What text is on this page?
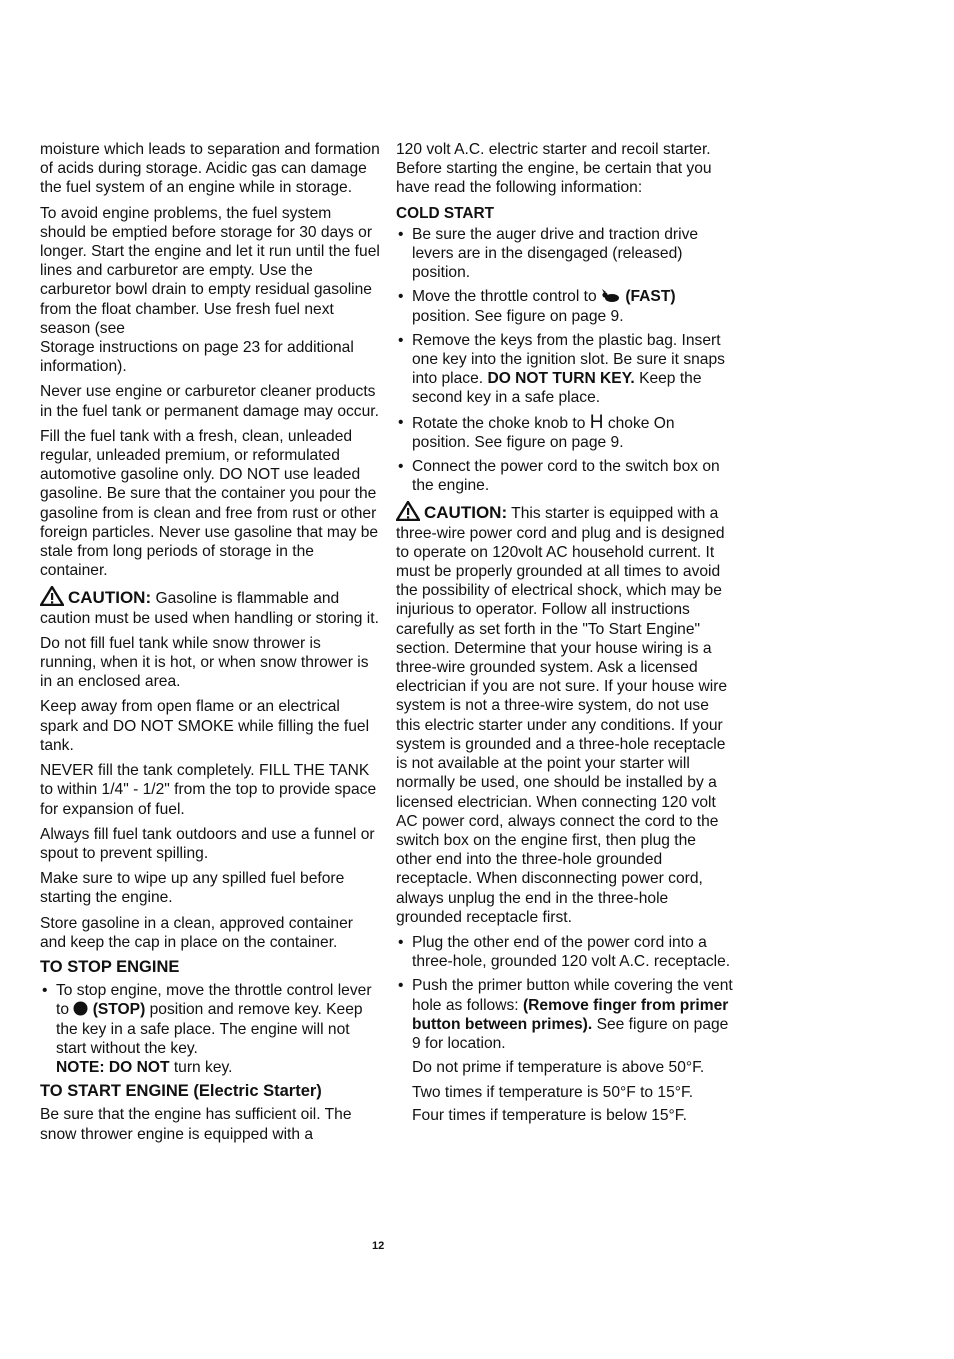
moisture which leads to separation and formation of acids during storage. Acidic gas can damage the fuel system of an engine while in storage.

To avoid engine problems, the fuel system should be emptied before storage for 30 days or longer. Start the engine and let it run until the fuel lines and carburetor are empty. Use the carburetor bowl drain to empty residual gasoline from the float chamber. Use fresh fuel next season (see
Storage instructions on page 23 for additional information).

Never use engine or carburetor cleaner products in the fuel tank or permanent damage may occur.

Fill the fuel tank with a fresh, clean, unleaded regular, unleaded premium, or reformulated automotive gasoline only. DO NOT use leaded gasoline. Be sure that the container you pour the gasoline from is clean and free from rust or other foreign particles. Never use gasoline that may be stale from long periods of storage in the container.

CAUTION: Gasoline is flammable and caution must be used when handling or storing it.

Do not fill fuel tank while snow thrower is running, when it is hot, or when snow thrower is in an enclosed area.

Keep away from open flame or an electrical spark and DO NOT SMOKE while filling the fuel tank.

NEVER fill the tank completely. FILL THE TANK to within 1/4" - 1/2" from the top to provide space for expansion of fuel.

Always fill fuel tank outdoors and use a funnel or spout to prevent spilling.

Make sure to wipe up any spilled fuel before starting the engine.

Store gasoline in a clean, approved container and keep the cap in place on the container.

TO STOP ENGINE
• To stop engine, move the throttle control lever to (STOP) position and remove key. Keep the key in a safe place. The engine will not start without the key.
NOTE: DO NOT turn key.
TO START ENGINE (Electric Starter)

Be sure that the engine has sufficient oil. The snow thrower engine is equipped with a

120 volt A.C. electric starter and recoil starter. Before starting the engine, be certain that you have read the following information:

COLD START
• Be sure the auger drive and traction drive levers are in the disengaged (released) position.
• Move the throttle control to (FAST) position. See figure on page 9.
• Remove the keys from the plastic bag. Insert one key into the ignition slot. Be sure it snaps into place. DO NOT TURN KEY. Keep the second key in a safe place.
• Rotate the choke knob to H choke On position. See figure on page 9.
• Connect the power cord to the switch box on the engine.

CAUTION: This starter is equipped with a three-wire power cord and plug and is designed to operate on 120volt AC household current. It must be properly grounded at all times to avoid the possibility of electrical shock, which may be injurious to operator. Follow all instructions carefully as set forth in the "To Start Engine" section. Determine that your house wiring is a three-wire grounded system. Ask a licensed electrician if you are not sure. If your house wire system is not a three-wire system, do not use this electric starter under any conditions. If your system is grounded and a three-hole receptacle is not available at the point your starter will normally be used, one should be installed by a licensed electrician. When connecting 120 volt AC power cord, always connect the cord to the switch box on the engine first, then plug the other end into the three-hole grounded receptacle. When disconnecting power cord, always unplug the end in the three-hole grounded receptacle first.

• Plug the other end of the power cord into a three-hole, grounded 120 volt A.C. receptacle.
• Push the primer button while covering the vent hole as follows: (Remove finger from primer button between primes). See figure on page 9 for location.

Do not prime if temperature is above 50°F.

Two times if temperature is 50°F to 15°F.

Four times if temperature is below 15°F.

12
